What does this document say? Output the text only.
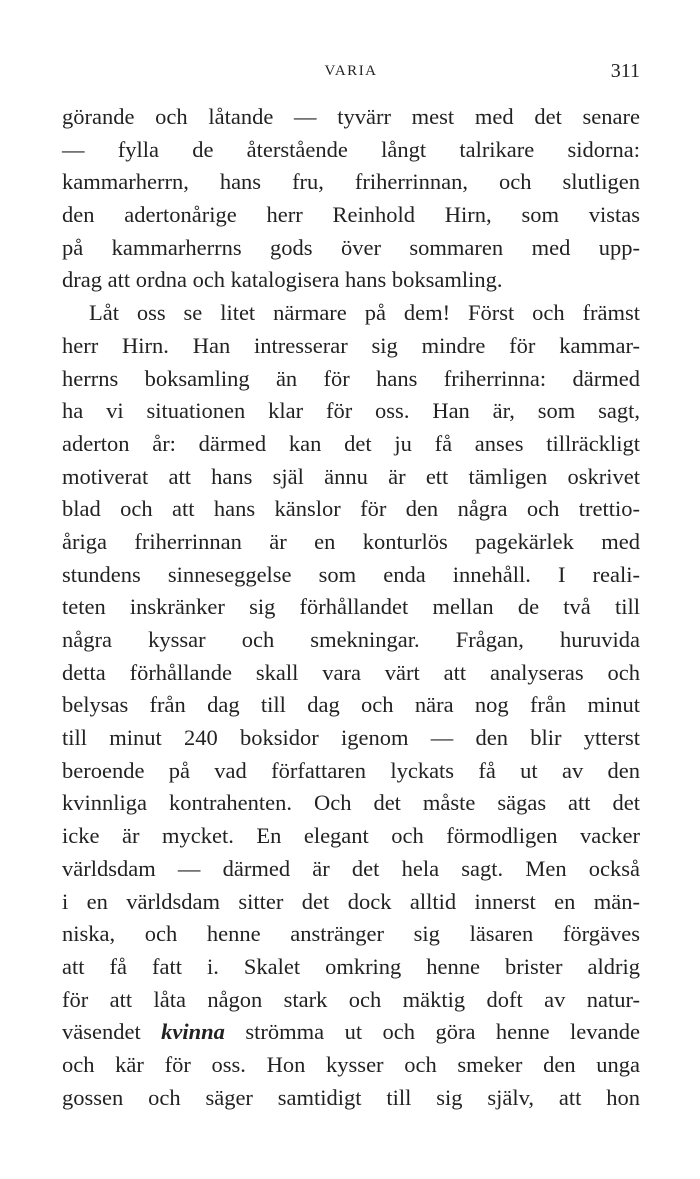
VARIA	311
görande och låtande — tyvärr mest med det senare
— fylla de återstående långt talrikare sidorna:
kammarherrn, hans fru, friherrinnan, och slutligen
den adertonårige herr Reinhold Hirn, som vistas
på kammarherrns gods över sommaren med upp-
drag att ordna och katalogisera hans boksamling.
Låt oss se litet närmare på dem! Först och främst
herr Hirn. Han intresserar sig mindre för kammar-
herrns boksamling än för hans friherrinna: därmed
ha vi situationen klar för oss. Han är, som sagt,
aderton år: därmed kan det ju få anses tillräckligt
motiverat att hans själ ännu är ett tämligen oskrivet
blad och att hans känslor för den några och trettio-
åriga friherrinnan är en konturlös pagekärlek med
stundens sinneseggelse som enda innehåll. I reali-
teten inskränker sig förhållandet mellan de två till
några kyssar och smekningar. Frågan, huruvida
detta förhållande skall vara värt att analyseras och
belysas från dag till dag och nära nog från minut
till minut 240 boksidor igenom — den blir ytterst
beroende på vad författaren lyckats få ut av den
kvinnliga kontrahenten. Och det måste sägas att det
icke är mycket. En elegant och förmodligen vacker
världsdam — därmed är det hela sagt. Men också
i en världsdam sitter det dock alltid innerst en män-
niska, och henne anstränger sig läsaren förgäves
att få fatt i. Skalet omkring henne brister aldrig
för att låta någon stark och mäktig doft av natur-
väsendet kvinna strömma ut och göra henne levande
och kär för oss. Hon kysser och smeker den unga
gossen och säger samtidigt till sig själv, att hon
